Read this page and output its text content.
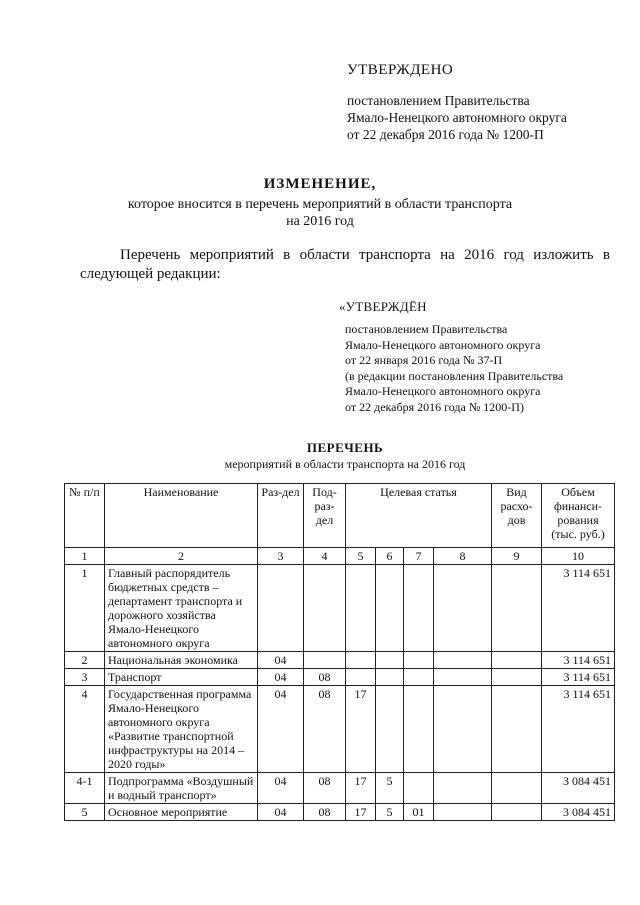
УТВЕРЖДЕНО
постановлением Правительства
Ямало-Ненецкого автономного округа
от 22 декабря 2016 года № 1200-П
ИЗМЕНЕНИЕ,
которое вносится в перечень мероприятий в области транспорта
на 2016 год
Перечень мероприятий в области транспорта на 2016 год изложить в следующей редакции:
«УТВЕРЖДЁН
постановлением Правительства
Ямало-Ненецкого автономного округа
от 22 января 2016 года № 37-П
(в редакции постановления Правительства
Ямало-Ненецкого автономного округа
от 22 декабря 2016 года № 1200-П)
ПЕРЕЧЕНЬ
мероприятий в области транспорта на 2016 год
№ п/п	Наименование	Раз-дел	Под-раз-дел	Целевая статья				Вид расхо-дов	Объем финанси-рования (тыс. руб.)
1	2	3	4	5	6	7	8	9	10
1	Главный распорядитель бюджетных средств – департамент транспорта и дорожного хозяйства Ямало-Ненецкого автономного округа								3 114 651
2	Национальная экономика	04							3 114 651
3	Транспорт	04	08						3 114 651
4	Государственная программа Ямало-Ненецкого автономного округа «Развитие транспортной инфраструктуры на 2014 – 2020 годы»	04	08	17					3 114 651
4-1	Подпрограмма «Воздушный и водный транспорт»	04	08	17	5				3 084 451
5	Основное мероприятие	04	08	17	5	01			3 084 451
